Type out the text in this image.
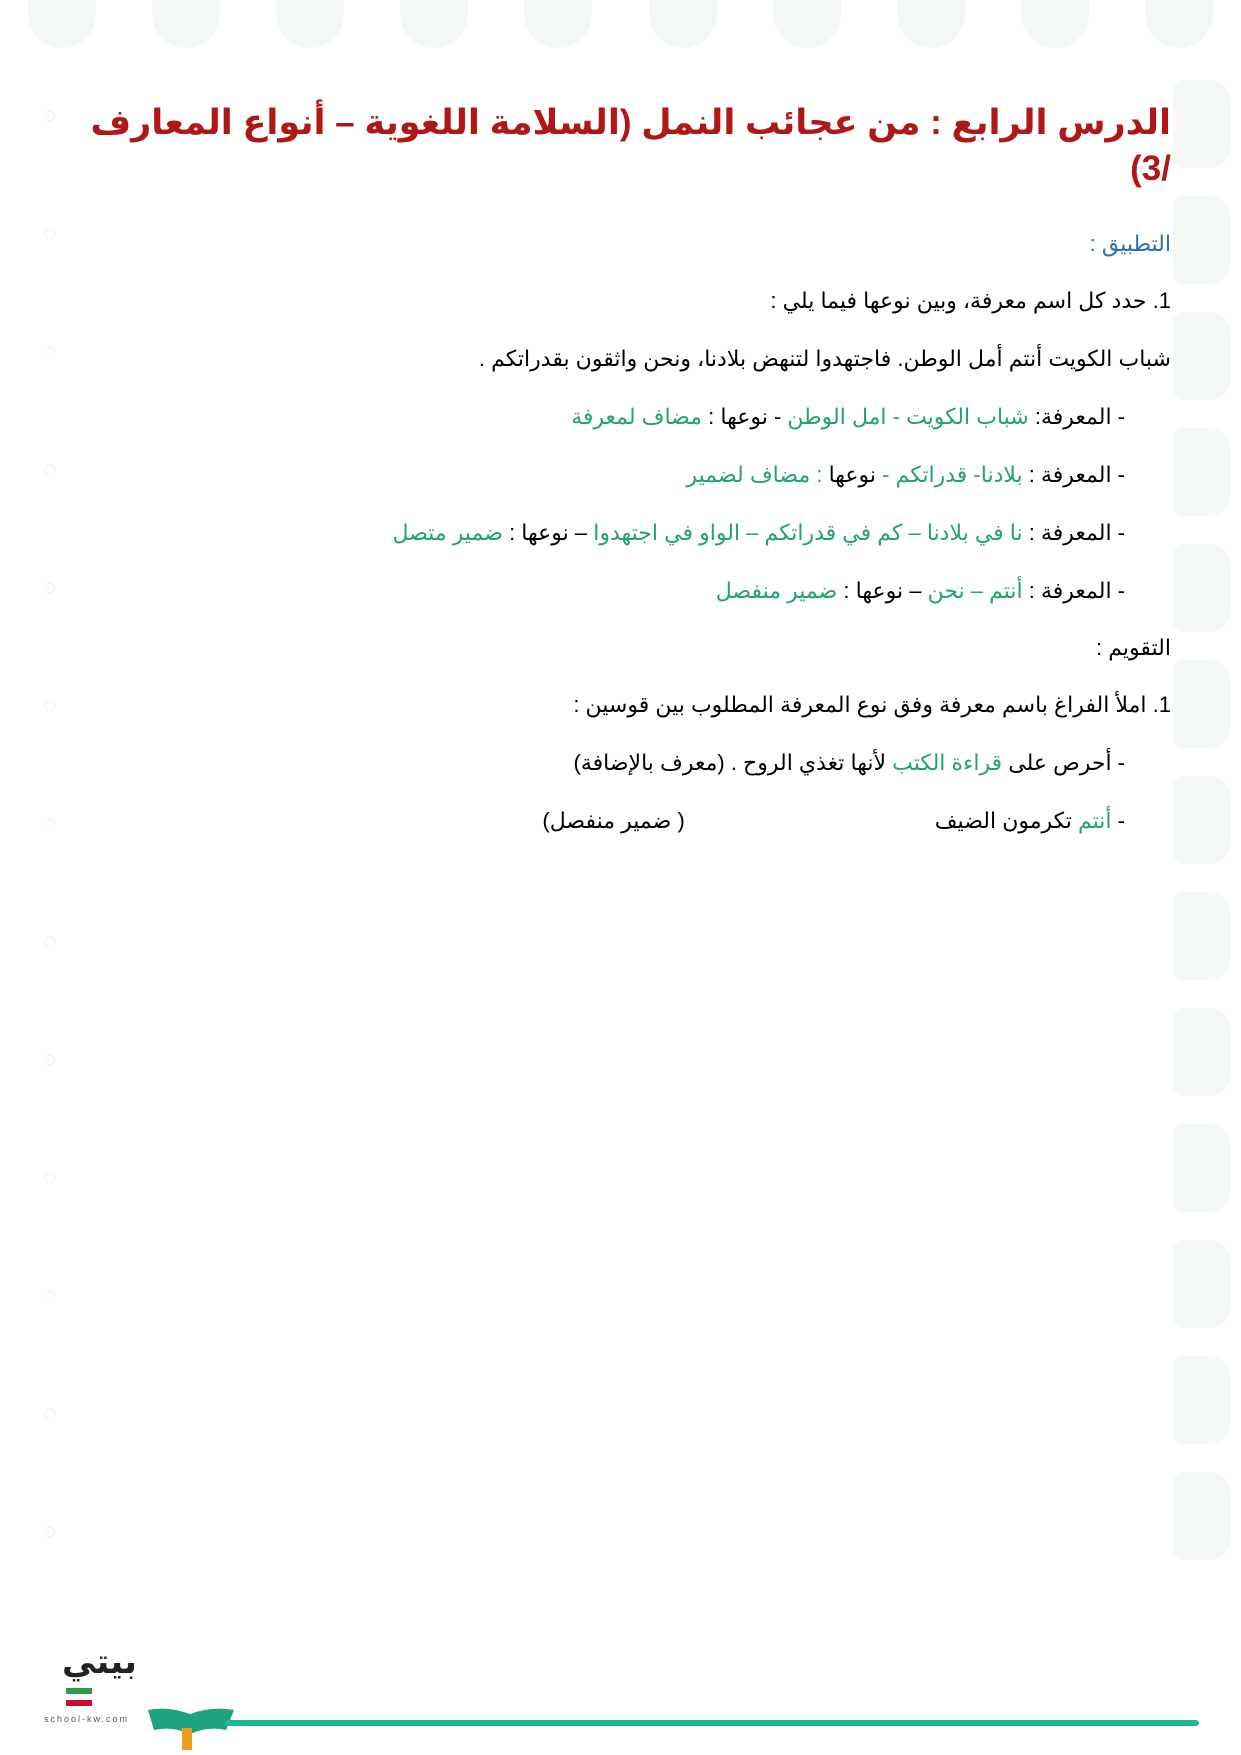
◦
◦
◦
◦
◦
◦
◦
◦
◦
◦
◦
◦
◦
الدرس الرابع : من عجائب النمل (السلامة اللغوية – أنواع المعارف /3)
التطبيق :
1. حدد كل اسم معرفة، وبين نوعها فيما يلي :
شباب الكويت أنتم أمل الوطن. فاجتهدوا لتنهض بلادنا، ونحن واثقون بقدراتكم .
- المعرفة: شباب الكويت - امل الوطن - نوعها : مضاف لمعرفة
- المعرفة : بلادنا- قدراتكم - نوعها : مضاف لضمير
- المعرفة : نا في بلادنا – كم في قدراتكم – الواو في اجتهدوا – نوعها : ضمير متصل
- المعرفة : أنتم – نحن – نوعها : ضمير منفصل
التقويم :
1. املأ الفراغ باسم معرفة وفق نوع المعرفة المطلوب بين قوسين :
- أحرص على قراءة الكتب لأنها تغذي الروح . (معرف بالإضافة)
- أنتم تكرمون الضيف( ضمير منفصل)
بيتي
school-kw.com
